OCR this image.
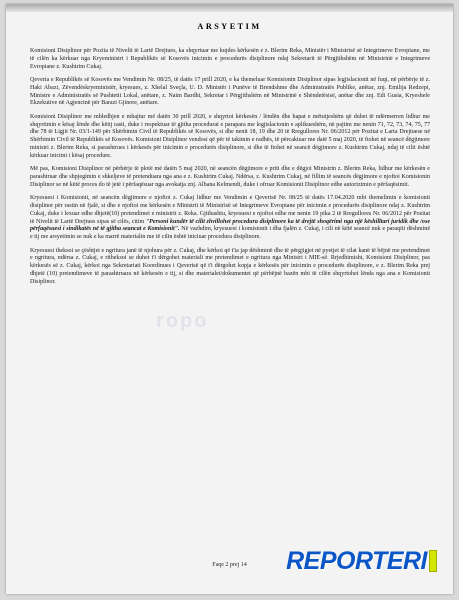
ropo
ARSYETIM

Komisioni Disiplinor për Pozita të Nivelit të Lartë Drejtues, ka shqyrtuar me kujdes kërkesën e z. Blerim Reka, Ministër i Ministrisë së Integrimeve Evropiane, me të cilën ka kërkuar nga Kryeministri i Republikës së Kosovës inicimin e procedurës disiplinore ndaj Sekretarit të Përgjithshëm në Ministrinë e Integrimeve Evropiane z. Kushtrim Cukaj.

Qeveria e Republikës së Kosovës me Vendimin Nr. 08/25, të datës 17 prill 2020, e ka themeluar Komisionin Disiplinor sipas legjislacionit në fuqi, në përbërje të z. Haki Abazi, Zëvendëskryeministër, kryesues, z. Xhelal Sveçla, U. D. Ministër i Punëve të Brendshme dhe Administratës Publike, anëtar, znj. Emilija Redzepi, Ministre e Administratës së Pushtetit Lokal, anëtare, z. Naim Bardhi, Sekretar i Përgjithshëm në Ministrinë e Shëndetësisë, anëtar dhe znj. Edi Gusia, Kryeshefe Ekzekutive në Agjencinë për Barazi Gjinore, anëtare.

Komisioni Disiplinor me mbledhjen e mbajtur më datën 30 prill 2020, e shqyrtoi kërkesën / lëndën dhe hapat e mëtutjeshëm që duhet të ndërmerren lidhur me shqyrtimin e kësaj lënde dhe këtij rasti, duke i respektuar të gjitha procedurat e parapara me legjislacionin e aplikueshëm, në pajtim me nenin 71, 72, 73, 74, 75, 77 dhe 78 të Ligjit Nr. 03/1-149 për Shërbimin Civil të Republikës së Kosovës, si dhe nenit 18, 19 dhe 20 të Rregullores Nr. 06/2012 për Pozitat e Larta Drejtuese në Shërbimin Civil të Republikës së Kosovës. Komisioni Disiplinor vendosi që për të takimin e radhës, të përcaktuar me datë 5 maj 2020, të ftohet në seancë dëgjimore ministri z. Blerim Reka, si parashtrues i kërkesës për inicimin e procedurës disiplinore, si dhe të ftohet në seancë dëgjimore z. Kushtrim Cukaj, ndaj të cilit është kërkuar inicimi i kësaj procedure.

Më pas, Komisioni Disiplinor në përbërje të plotë më datën 5 maj 2020, në seancën dëgjimore e priti dhe e dëgjoi Ministrin z. Blerim Reka, lidhur me kërkesën e parashtruar dhe shpjegimin e shkeljeve të pretenduara nga ana e z. Kushtrim Cukaj. Ndërsa, z. Kushtrim Cukaj, në fillim të seancës dëgjimore e njoftoi Komisionin Disiplinor se në këtë proces do të jetë i përfaqësuar nga avokatja znj. Albana Kelmendi, duke i ofruar Komisionit Disiplinor edhe autorizimin e përfaqësimit.

Kryesuesi i Komisionit, në seancën dëgjimore e njoftoi z. Cukaj lidhur me Vendimin e Qeverisë Nr. 08/25 të datës 17.04.2020 mbi themelimin e komisionit disiplinor për rastin në fjalë, si dhe e njoftoi me kërkesën e Ministrit të Ministrisë së Integrimeve Evropiane për inicimin e procedurës disiplinore ndaj z. Kushtrim Cukaj, duke i lexuar edhe dhjetë(10) pretendimet e ministrit z. Reka. Gjithashtu, kryesuesi e njoftoi edhe me nenin 19 pika 2 të Rregullores Nr. 06/2012 për Pozitat të Nivelit të Lartë Drejtues sipas së cilës, citim "Personi kundër të cilit zhvillohet procedura disiplinore ka të drejtë shoqërimi nga një këshilltari juridik dhe /ose përfaqësuesi i sindikatës në të gjitha seancat e Komisionit". Në vazhdim, kryesuesi i komisionit i dha fjalën z. Cukaj, i cili në këtë seancë nuk e paraqiti dëshminë e tij me arsyetimin se nuk e ka marrë materialin me të cilin është iniciuar procedura disiplinore.

Kryesuesi theksoi se çështjet e ngritura janë të njohura për z. Cukaj, dhe kërkoi që t'ia jap dëshminë dhe të përgjigjet në pyetjet të cilat kanë të bëjnë me pretendimet e ngritura, ndërsa z. Cukaj, e ritheksoi se duhet t'i dërgohet materiali me pretendimet e ngritura nga Ministri i MIE-së. Rrjedhimisht, Komisioni Disiplinor, pas kërkesës së z. Cukaj, kërkoi nga Sekretariati Koordinues i Qeverisë që t'i dërgohet kopja e kërkesës për inicimin e procedurës disiplinore, e z. Blerim Reka prej dhjetë (10) pretendimeve të parashtruara në kërkesën e tij, si dhe materialet/dokumentet që përbëjnë bazën mbi të cilën shqyrtohet lënda nga ana e Komisionit Disiplinor.

Faqe 2 prej 14	REPORTERI
